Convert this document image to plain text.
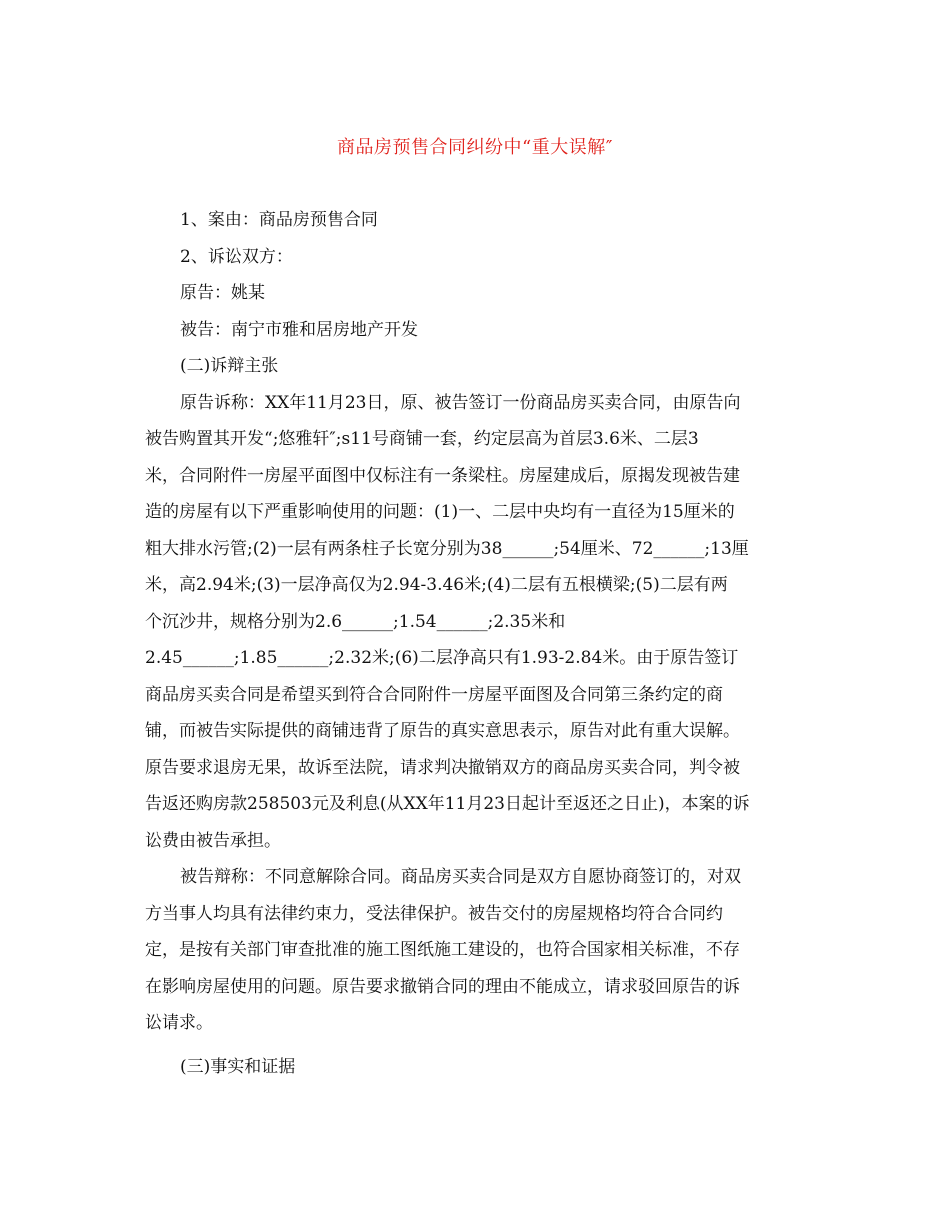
商品房预售合同纠纷中“重大误解″

1、案由：商品房预售合同

2、诉讼双方：

原告：姚某

被告：南宁市雅和居房地产开发

(二)诉辩主张

原告诉称：XX年11月23日，原、被告签订一份商品房买卖合同，由原告向
被告购置其开发“;悠雅轩″;s11号商铺一套，约定层高为首层3.6米、二层3
米，合同附件一房屋平面图中仅标注有一条梁柱。房屋建成后，原揭发现被告建
造的房屋有以下严重影响使用的问题：(1)一、二层中央均有一直径为15厘米的
粗大排水污管;(2)一层有两条柱子长宽分别为38______;54厘米、72______;13厘
米，高2.94米;(3)一层净高仅为2.94-3.46米;(4)二层有五根横梁;(5)二层有两
个沉沙井，规格分别为2.6______;1.54______;2.35米和
2.45______;1.85______;2.32米;(6)二层净高只有1.93-2.84米。由于原告签订
商品房买卖合同是希望买到符合合同附件一房屋平面图及合同第三条约定的商
铺，而被告实际提供的商铺违背了原告的真实意思表示，原告对此有重大误解。
原告要求退房无果，故诉至法院，请求判决撤销双方的商品房买卖合同，判令被
告返还购房款258503元及利息(从XX年11月23日起计至返还之日止)，本案的诉
讼费由被告承担。

被告辩称：不同意解除合同。商品房买卖合同是双方自愿协商签订的，对双
方当事人均具有法律约束力，受法律保护。被告交付的房屋规格均符合合同约
定，是按有关部门审查批准的施工图纸施工建设的，也符合国家相关标准，不存
在影响房屋使用的问题。原告要求撤销合同的理由不能成立，请求驳回原告的诉
讼请求。

(三)事实和证据
